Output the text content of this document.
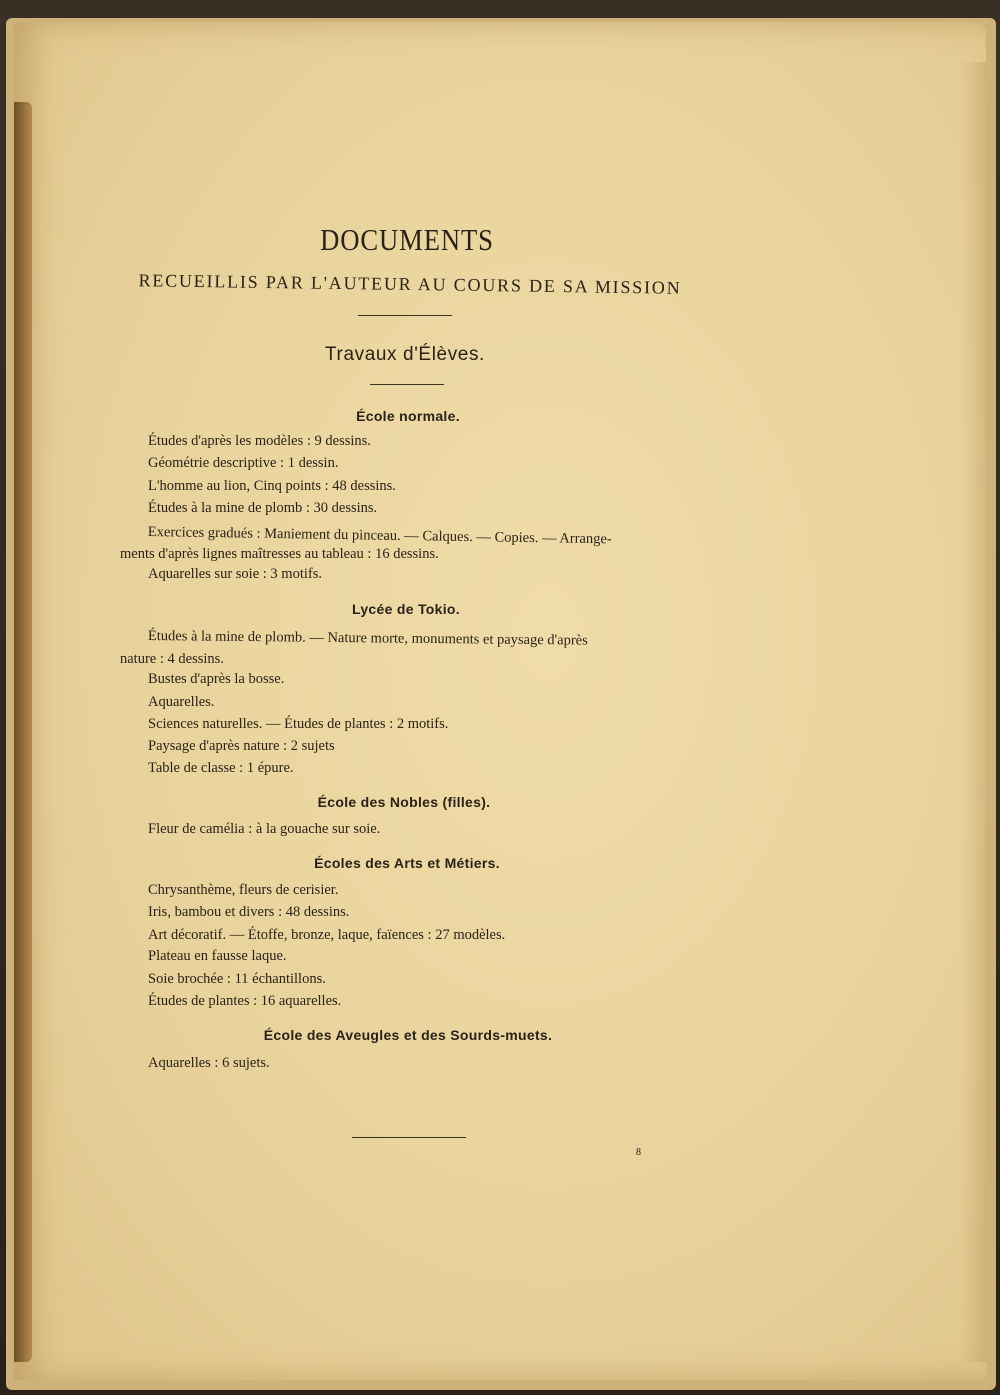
DOCUMENTS
RECUEILLIS PAR L'AUTEUR AU COURS DE SA MISSION
Travaux d'Élèves.
École normale.
Études d'après les modèles : 9 dessins.
Géométrie descriptive : 1 dessin.
L'homme au lion, Cinq points : 48 dessins.
Études à la mine de plomb : 30 dessins.
Exercices gradués : Maniement du pinceau. — Calques. — Copies. — Arrange-
ments d'après lignes maîtresses au tableau : 16 dessins.
Aquarelles sur soie : 3 motifs.
Lycée de Tokio.
Études à la mine de plomb. — Nature morte, monuments et paysage d'après
nature : 4 dessins.
Bustes d'après la bosse.
Aquarelles.
Sciences naturelles. — Études de plantes : 2 motifs.
Paysage d'après nature : 2 sujets
Table de classe : 1 épure.
École des Nobles (filles).
Fleur de camélia : à la gouache sur soie.
Écoles des Arts et Métiers.
Chrysanthème, fleurs de cerisier.
Iris, bambou et divers : 48 dessins.
Art décoratif. — Étoffe, bronze, laque, faïences : 27 modèles.
Plateau en fausse laque.
Soie brochée : 11 échantillons.
Études de plantes : 16 aquarelles.
École des Aveugles et des Sourds-muets.
Aquarelles : 6 sujets.
8
